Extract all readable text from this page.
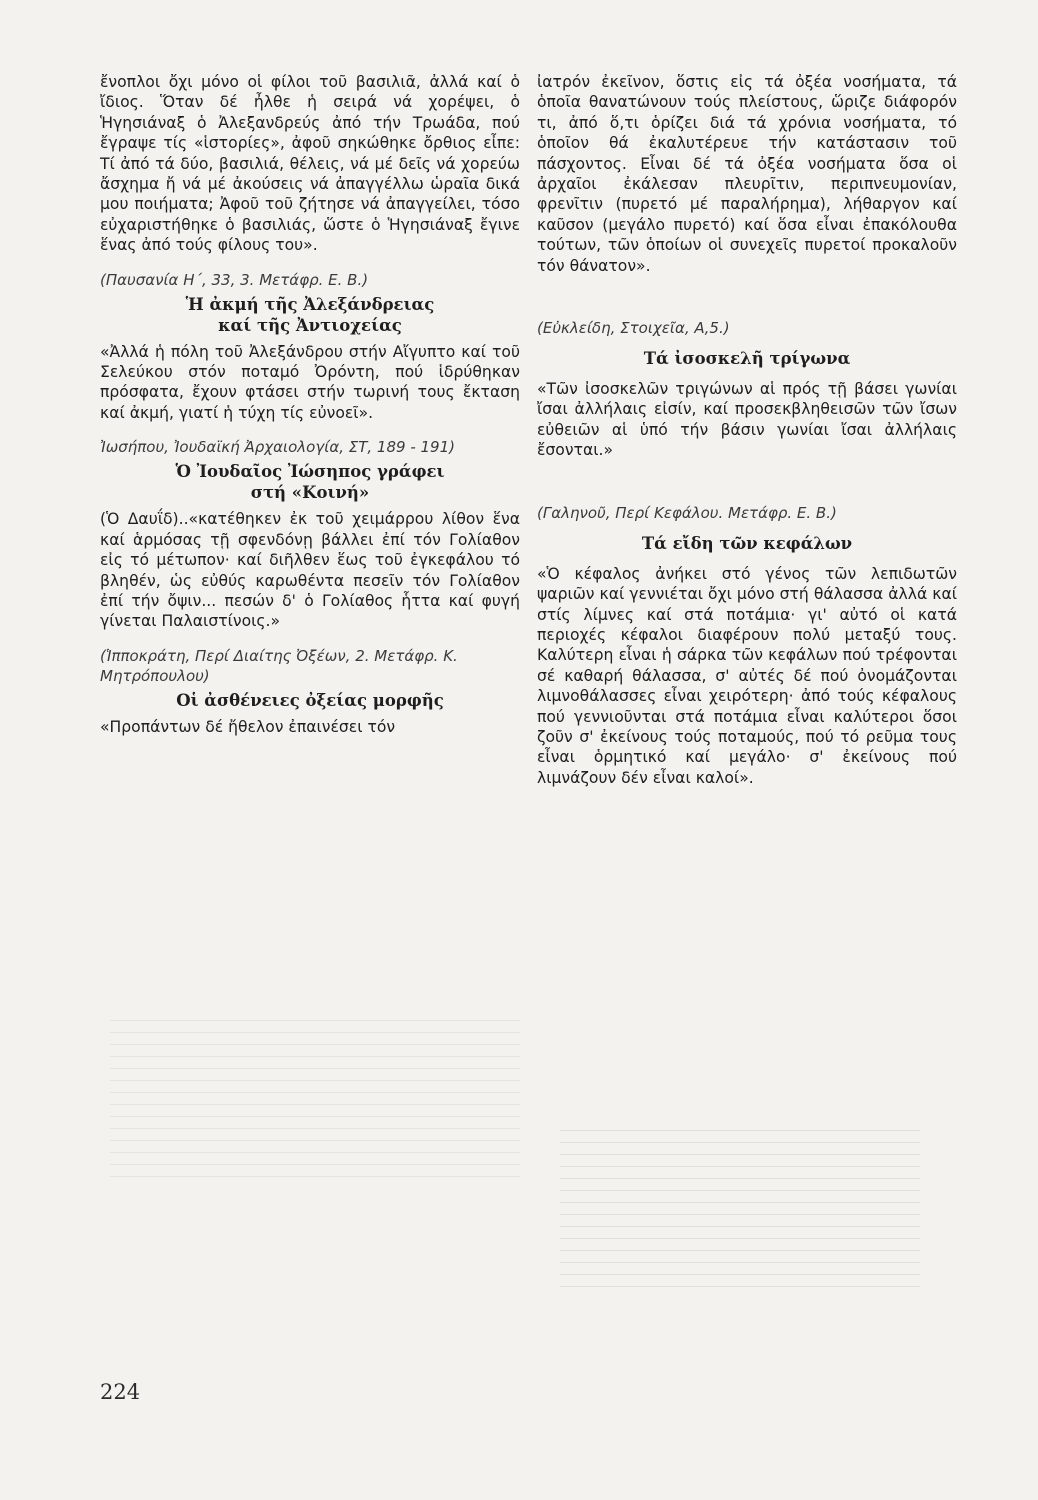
ἔνοπλοι ὄχι μόνο οἱ φίλοι τοῦ βασιλιᾶ, ἀλλά καί ὁ ἴδιος. Ὅταν δέ ἦλθε ἡ σειρά νά χορέψει, ὁ Ἡγησιάναξ ὁ Ἀλεξανδρεύς ἀπό τήν Τρωάδα, πού ἔγραψε τίς «ἱστορίες», ἀφοῦ σηκώθηκε ὄρθιος εἶπε: Τί ἀπό τά δύο, βασιλιά, θέλεις, νά μέ δεῖς νά χορεύω ἄσχημα ἤ νά μέ ἀκούσεις νά ἀπαγγέλλω ὡραῖα δικά μου ποιήματα; Ἀφοῦ τοῦ ζήτησε νά ἀπαγγείλει, τόσο εὐχαριστήθηκε ὁ βασιλιάς, ὥστε ὁ Ἡγησιάναξ ἔγινε ἕνας ἀπό τούς φίλους του».

(Παυσανία Η΄, 33, 3. Μετάφρ. Ε. Β.)

Ἡ ἀκμή τῆς Ἀλεξάνδρειας
καί τῆς Ἀντιοχείας

«Ἀλλά ἡ πόλη τοῦ Ἀλεξάνδρου στήν Αἴγυπτο καί τοῦ Σελεύκου στόν ποταμό Ὀρόντη, πού ἱδρύθηκαν πρόσφατα, ἔχουν φτάσει στήν τωρινή τους ἔκταση καί ἀκμή, γιατί ἡ τύχη τίς εὐνοεῖ».

Ἰωσήπου, Ἰουδαϊκή Ἀρχαιολογία, ΣΤ, 189 - 191)

Ὁ Ἰουδαῖος Ἰώσηπος γράφει
στή «Κοινή»

(Ὁ Δαυΐδ)..«κατέθηκεν ἐκ τοῦ χειμάρρου λίθον ἕνα καί ἁρμόσας τῇ σφενδόνῃ βάλλει ἐπί τόν Γολίαθον εἰς τό μέτωπον· καί διῆλθεν ἕως τοῦ ἐγκεφάλου τό βληθέν, ὡς εὐθύς καρωθέντα πεσεῖν τόν Γολίαθον ἐπί τήν ὄψιν... πεσών δ' ὁ Γολίαθος ἧττα καί φυγή γίνεται Παλαιστίνοις.»

(Ἱπποκράτη, Περί Διαίτης Ὀξέων, 2. Μετάφρ. Κ. Μητρόπουλου)

Οἱ ἀσθένειες ὀξείας μορφῆς

«Προπάντων δέ ἤθελον ἐπαινέσει τόν

ἰατρόν ἐκεῖνον, ὅστις εἰς τά ὀξέα νοσήματα, τά ὁποῖα θανατώνουν τούς πλείστους, ὥριζε διάφορόν τι, ἀπό ὅ,τι ὁρίζει διά τά χρόνια νοσήματα, τό ὁποῖον θά ἐκαλυτέρευε τήν κατάστασιν τοῦ πάσχοντος. Εἶναι δέ τά ὀξέα νοσήματα ὅσα οἱ ἀρχαῖοι ἐκάλεσαν πλευρῖτιν, περιπνευμονίαν, φρενῖτιν (πυρετό μέ παραλήρημα), λήθαργον καί καῦσον (μεγάλο πυρετό) καί ὅσα εἶναι ἐπακόλουθα τούτων, τῶν ὁποίων οἱ συνεχεῖς πυρετοί προκαλοῦν τόν θάνατον».

(Εὐκλείδη, Στοιχεῖα, Α,5.)

Τά ἰσοσκελῆ τρίγωνα

«Τῶν ἰσοσκελῶν τριγώνων αἱ πρός τῇ βάσει γωνίαι ἴσαι ἀλλήλαις εἰσίν, καί προσεκβληθεισῶν τῶν ἴσων εὐθειῶν αἱ ὑπό τήν βάσιν γωνίαι ἴσαι ἀλλήλαις ἔσονται.»

(Γαληνοῦ, Περί Κεφάλου. Μετάφρ. Ε. Β.)

Τά εἴδη τῶν κεφάλων

«Ὁ κέφαλος ἀνήκει στό γένος τῶν λεπιδωτῶν ψαριῶν καί γεννιέται ὄχι μόνο στή θάλασσα ἀλλά καί στίς λίμνες καί στά ποτάμια· γι' αὐτό οἱ κατά περιοχές κέφαλοι διαφέρουν πολύ μεταξύ τους. Καλύτερη εἶναι ἡ σάρκα τῶν κεφάλων πού τρέφονται σέ καθαρή θάλασσα, σ' αὐτές δέ πού ὀνομάζονται λιμνοθάλασσες εἶναι χειρότερη· ἀπό τούς κέφαλους πού γεννιοῦνται στά ποτάμια εἶναι καλύτεροι ὅσοι ζοῦν σ' ἐκείνους τούς ποταμούς, πού τό ρεῦμα τους εἶναι ὁρμητικό καί μεγάλο· σ' ἐκείνους πού λιμνάζουν δέν εἶναι καλοί».

224
